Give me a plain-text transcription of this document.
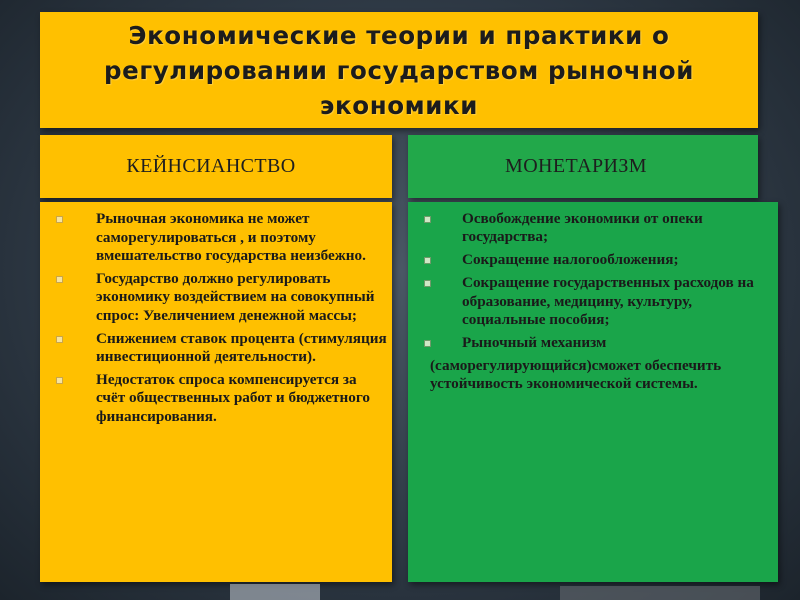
Экономические теории и практики о регулировании государством рыночной экономики
КЕЙНСИАНСТВО	МОНЕТАРИЗМ
Рыночная экономика не может саморегулироваться , и поэтому вмешательство государства неизбежно.
Государство должно регулировать экономику воздействием на совокупный спрос: Увеличением денежной массы;
Снижением ставок процента (стимуляция инвестиционной деятельности).
Недостаток спроса компенсируется за счёт общественных работ и бюджетного финансирования.
Освобождение экономики от опеки государства;
Сокращение налогообложения;
Сокращение государственных расходов на образование, медицину, культуру, социальные пособия;
Рыночный механизм
(саморегулирующийся)сможет обеспечить устойчивость экономической системы.
